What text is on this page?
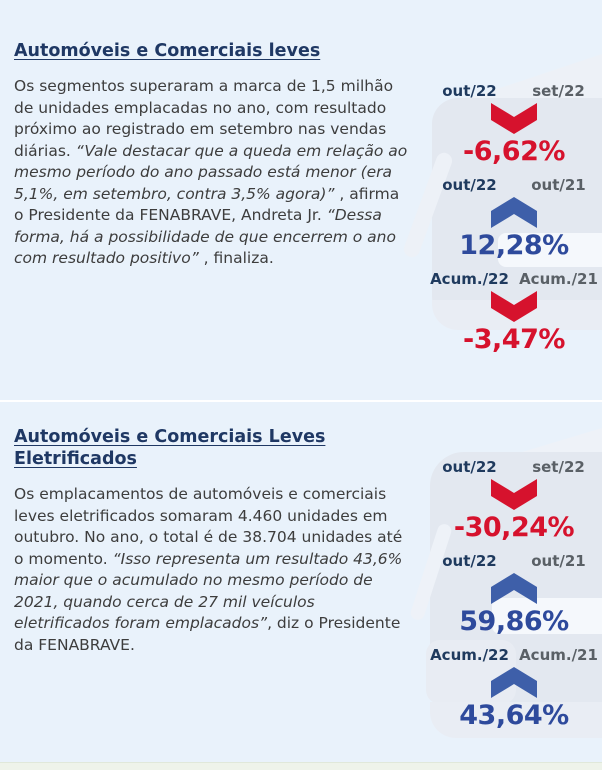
Automóveis e Comerciais leves
Os segmentos superaram a marca de 1,5 milhão de unidades emplacadas no ano, com resultado próximo ao registrado em setembro nas vendas diárias. “Vale destacar que a queda em relação ao mesmo período do ano passado está menor (era 5,1%, em setembro, contra 3,5% agora)” , afirma o Presidente da FENABRAVE, Andreta Jr. “Dessa forma, há a possibilidade de que encerrem o ano com resultado positivo” , finaliza.
out/22	set/22
-6,62%
out/22	out/21
12,28%
Acum./22 Acum./21
-3,47%
Automóveis e Comerciais Leves Eletrificados
Os emplacamentos de automóveis e comerciais leves eletrificados somaram 4.460 unidades em outubro. No ano, o total é de 38.704 unidades até o momento. “Isso representa um resultado 43,6% maior que o acumulado no mesmo período de 2021, quando cerca de 27 mil veículos eletrificados foram emplacados”, diz o Presidente da FENABRAVE.
out/22	set/22
-30,24%
out/22	out/21
59,86%
Acum./22 Acum./21
43,64%
